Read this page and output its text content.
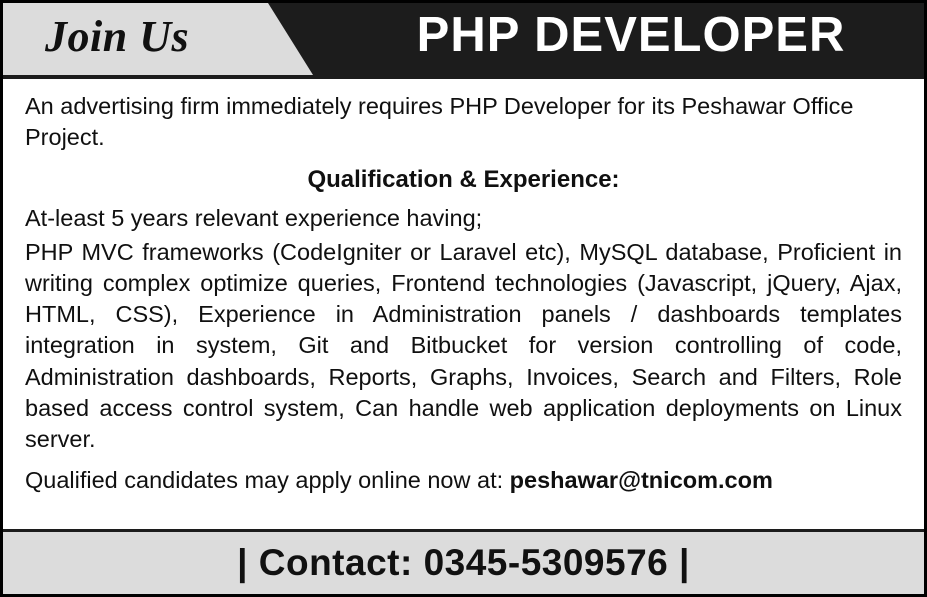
Join Us	PHP DEVELOPER

An advertising firm immediately requires PHP Developer for its Peshawar Office Project.

Qualification & Experience:

At-least 5 years relevant experience having;

PHP MVC frameworks (CodeIgniter or Laravel etc), MySQL database, Proficient in writing complex optimize queries, Frontend technologies (Javascript, jQuery, Ajax, HTML, CSS), Experience in Administration panels / dashboards templates integration in system, Git and Bitbucket for version controlling of code, Administration dashboards, Reports, Graphs, Invoices, Search and Filters, Role based access control system, Can handle web application deployments on Linux server.

Qualified candidates may apply online now at: peshawar@tnicom.com

| Contact: 0345-5309576 |
